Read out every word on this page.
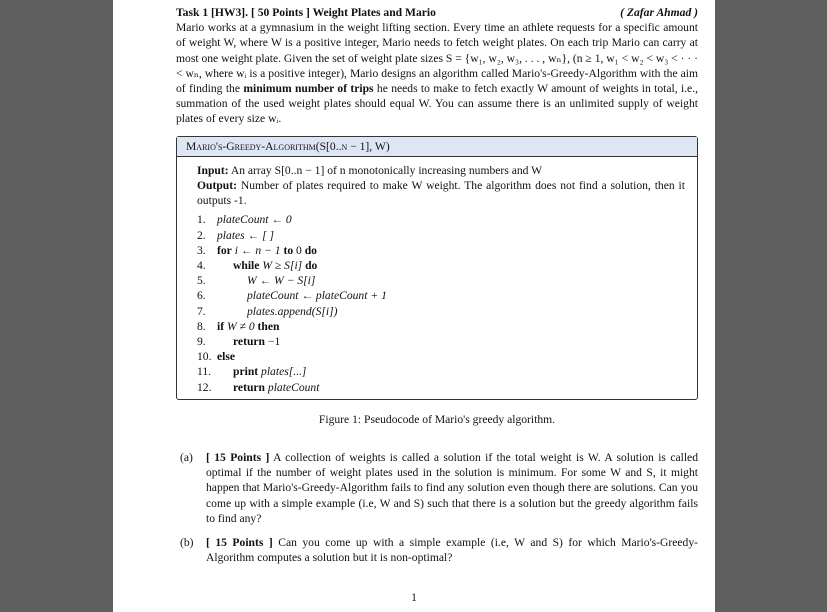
Task 1 [HW3]. [ 50 Points ] Weight Plates and Mario	( Zafar Ahmad )
Mario works at a gymnasium in the weight lifting section. Every time an athlete requests for a specific amount of weight W, where W is a positive integer, Mario needs to fetch weight plates. On each trip Mario can carry at most one weight plate. Given the set of weight plate sizes S = {w₁, w₂, w₃, . . . , wₙ}, (n ≥ 1, w₁ < w₂ < w₃ < · · · < wₙ, where wᵢ is a positive integer), Mario designs an algorithm called Mario's-Greedy-Algorithm with the aim of finding the minimum number of trips he needs to make to fetch exactly W amount of weights in total, i.e., summation of the used weight plates should equal W. You can assume there is an unlimited supply of weight plates of every size wᵢ.
Mario's-Greedy-Algorithm(S[0..n − 1], W)
Input: An array S[0..n − 1] of n monotonically increasing numbers and W
Output: Number of plates required to make W weight. The algorithm does not find a solution, then it outputs -1.
1. plateCount ← 0
2. plates ← [ ]
3. for i ← n − 1 to 0 do
4.	while W ≥ S[i] do
5.	W ← W − S[i]
6.	plateCount ← plateCount + 1
7.	plates.append(S[i])
8. if W ≠ 0 then
9.	return −1
10. else
11.	print plates[...]
12.	return plateCount
Figure 1: Pseudocode of Mario's greedy algorithm.
(a)	[ 15 Points ] A collection of weights is called a solution if the total weight is W. A solution is called optimal if the number of weight plates used in the solution is minimum. For some W and S, it might happen that Mario's-Greedy-Algorithm fails to find any solution even though there are solutions. Can you come up with a simple example (i.e, W and S) such that there is a solution but the greedy algorithm fails to find any?
(b)	[ 15 Points ] Can you come up with a simple example (i.e, W and S) for which Mario's-Greedy-Algorithm computes a solution but it is non-optimal?
1
